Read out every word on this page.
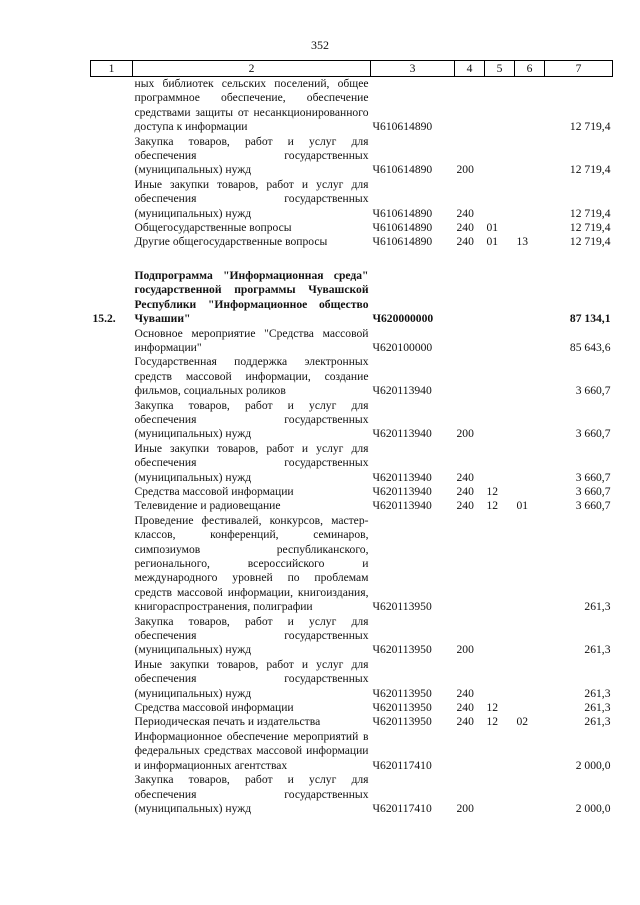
352
1	2	3	4	5	6	7
	ных библиотек сельских поселений, общее программное обеспечение, обеспечение средствами защиты от несанкционированного доступа к информации	Ч610614890				12 719,4
	Закупка товаров, работ и услуг для обеспечения государственных (муниципальных) нужд	Ч610614890	200			12 719,4
	Иные закупки товаров, работ и услуг для обеспечения государственных (муниципальных) нужд	Ч610614890	240			12 719,4
	Общегосударственные вопросы	Ч610614890	240	01		12 719,4
	Другие общегосударственные вопросы	Ч610614890	240	01	13	12 719,4

15.2.	Подпрограмма "Информационная среда" государственной программы Чувашской Республики "Информационное общество Чувашии"	Ч620000000				87 134,1
	Основное мероприятие "Средства массовой информации"	Ч620100000				85 643,6
	Государственная поддержка электронных средств массовой информации, создание фильмов, социальных роликов	Ч620113940				3 660,7
	Закупка товаров, работ и услуг для обеспечения государственных (муниципальных) нужд	Ч620113940	200			3 660,7
	Иные закупки товаров, работ и услуг для обеспечения государственных (муниципальных) нужд	Ч620113940	240			3 660,7
	Средства массовой информации	Ч620113940	240	12		3 660,7
	Телевидение и радиовещание	Ч620113940	240	12	01	3 660,7
	Проведение фестивалей, конкурсов, мастер-классов, конференций, семинаров, симпозиумов республиканского, регионального, всероссийского и международного уровней по проблемам средств массовой информации, книгоиздания, книгораспространения, полиграфии	Ч620113950				261,3
	Закупка товаров, работ и услуг для обеспечения государственных (муниципальных) нужд	Ч620113950	200			261,3
	Иные закупки товаров, работ и услуг для обеспечения государственных (муниципальных) нужд	Ч620113950	240			261,3
	Средства массовой информации	Ч620113950	240	12		261,3
	Периодическая печать и издательства	Ч620113950	240	12	02	261,3
	Информационное обеспечение мероприятий в федеральных средствах массовой информации и информационных агентствах	Ч620117410				2 000,0
	Закупка товаров, работ и услуг для обеспечения государственных (муниципальных) нужд	Ч620117410	200			2 000,0
